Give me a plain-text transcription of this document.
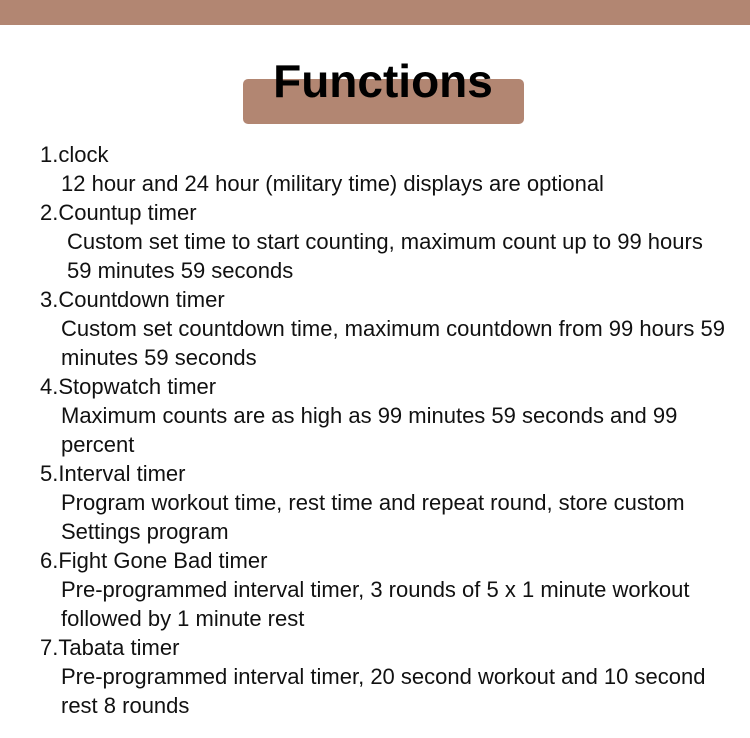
Functions
1.clock
12 hour and 24 hour (military time) displays are optional
2.Countup timer
Custom set time to start counting, maximum count up to 99 hours 59 minutes 59 seconds
3.Countdown timer
Custom set countdown time, maximum countdown from 99 hours 59 minutes 59 seconds
4.Stopwatch timer
Maximum counts are as high as 99 minutes 59 seconds and 99 percent
5.Interval timer
Program workout time, rest time and repeat round, store custom Settings program
6.Fight Gone Bad timer
Pre-programmed interval timer, 3 rounds of 5 x 1 minute workout followed by 1 minute rest
7.Tabata timer
Pre-programmed interval timer, 20 second workout and 10 second rest 8 rounds
